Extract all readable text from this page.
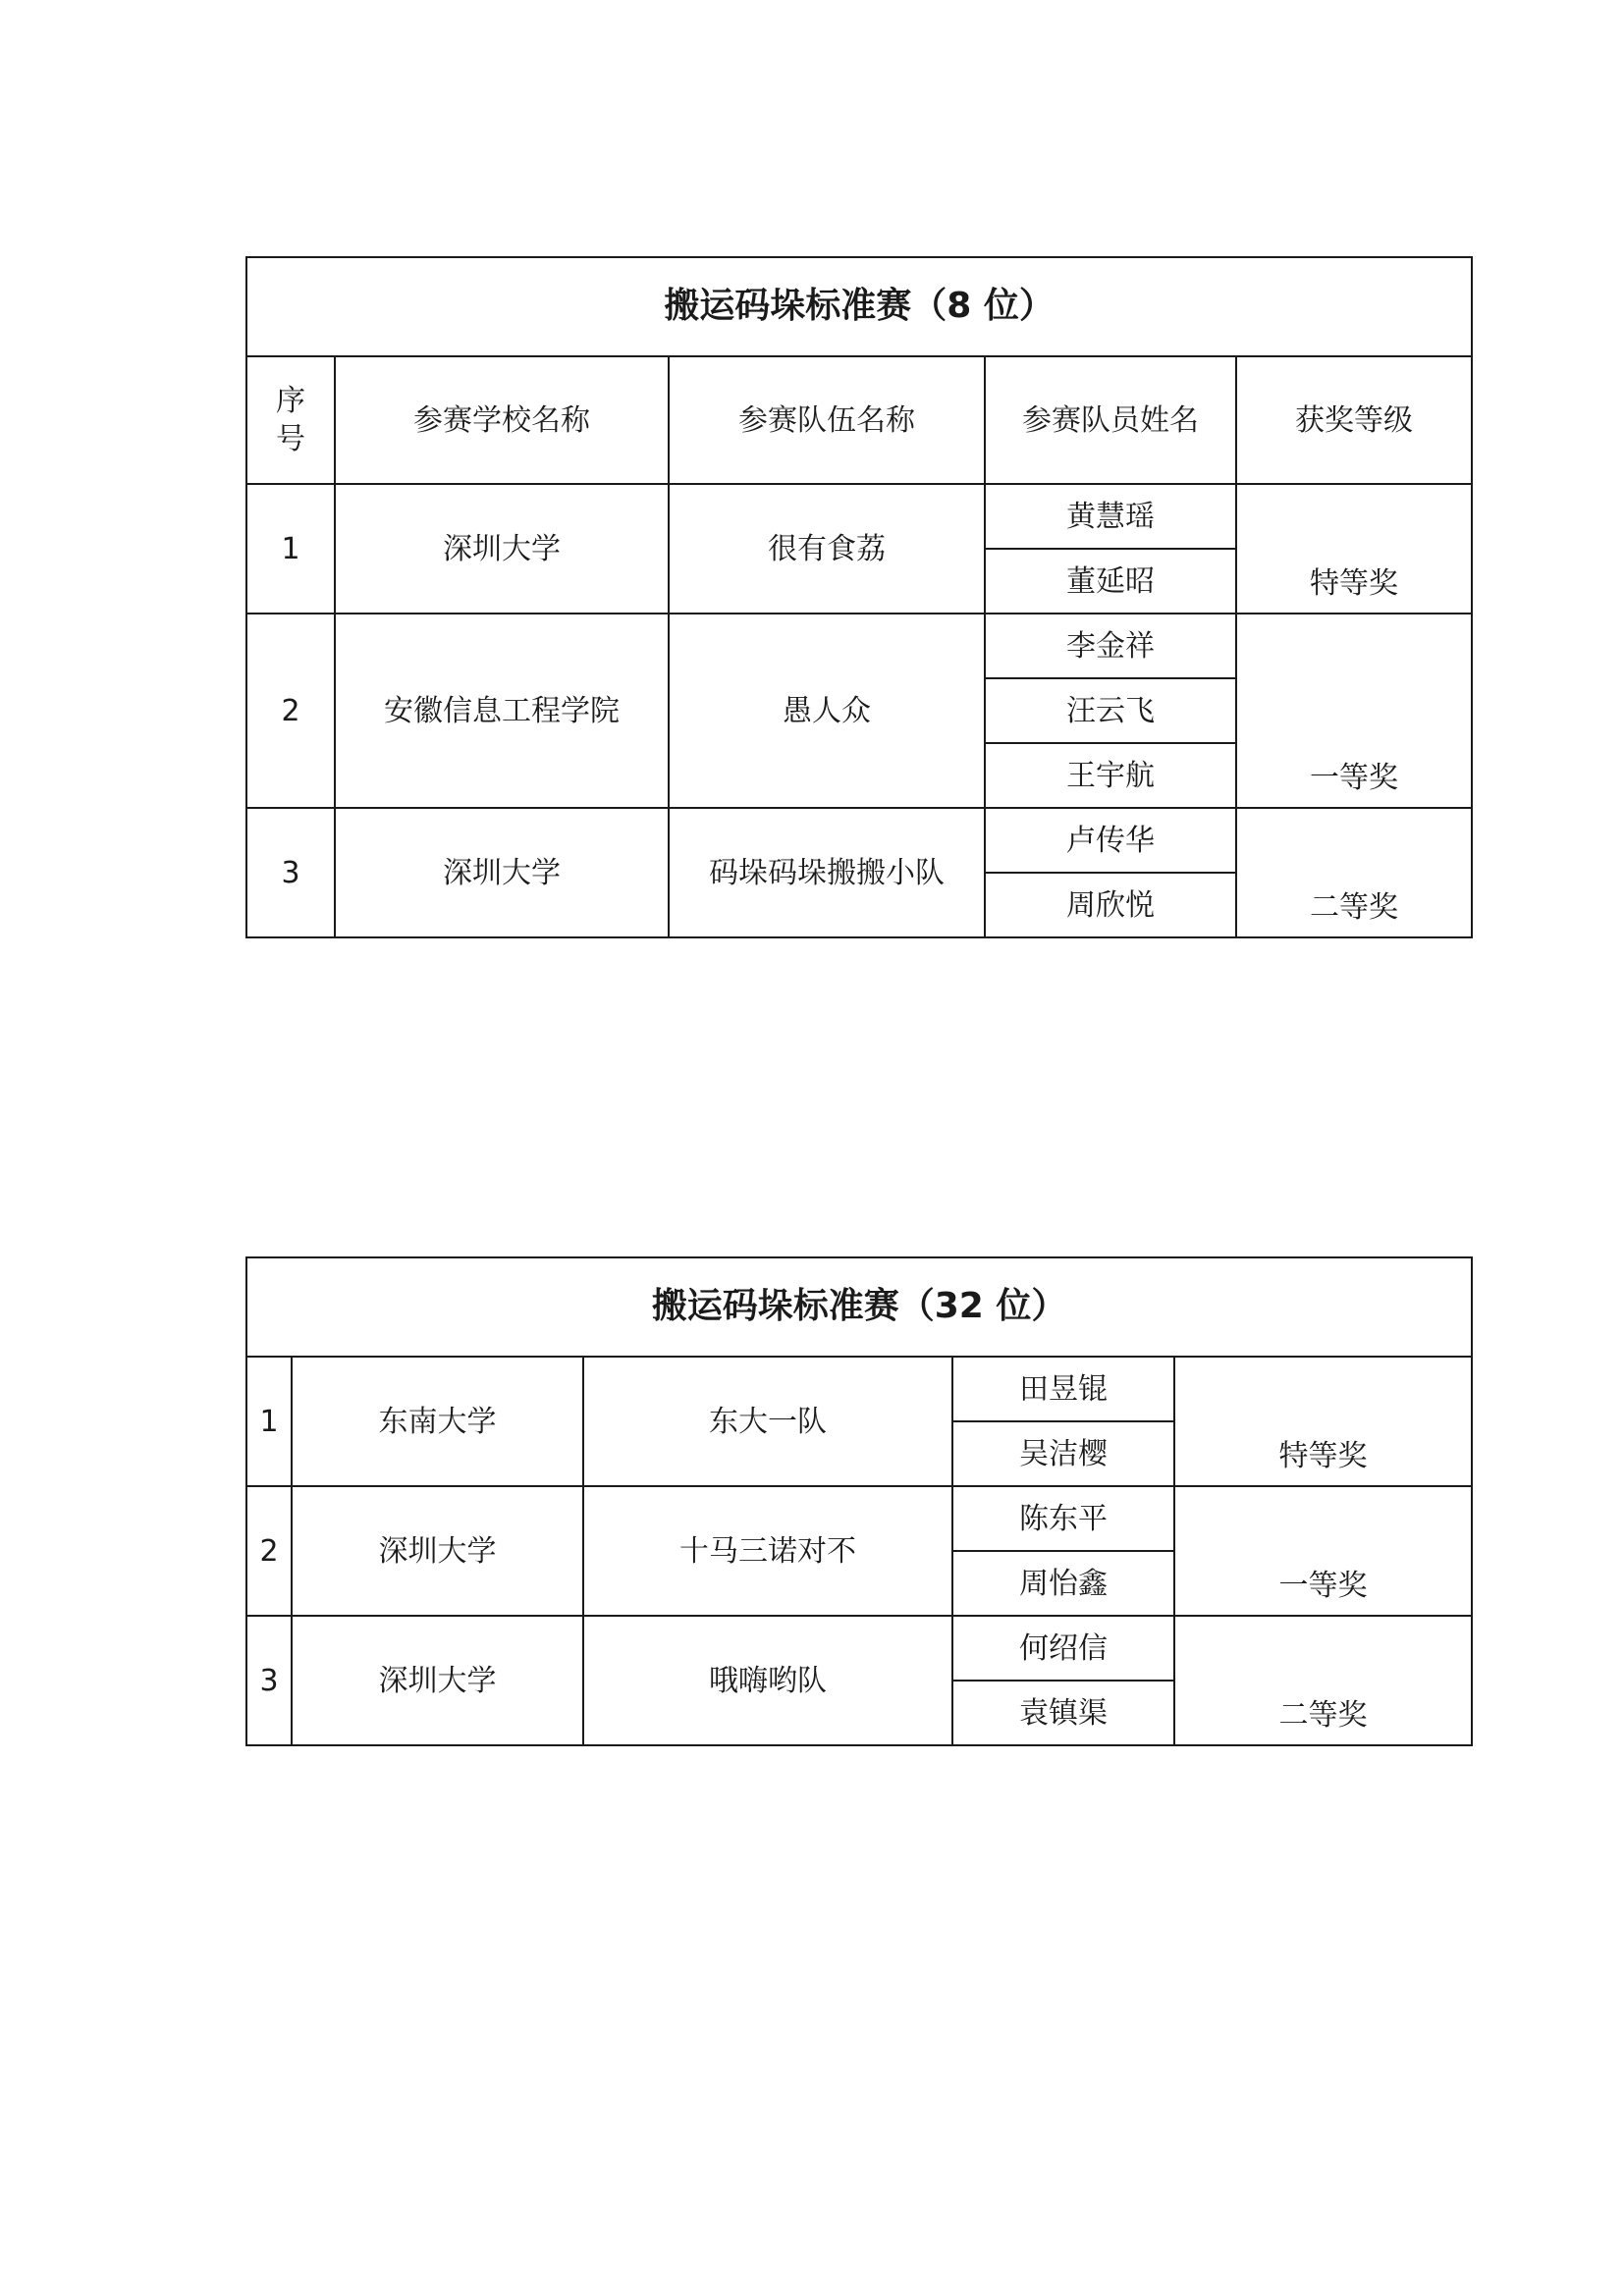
搬运码垛标准赛（8 位）				

序
号	参赛学校名称	参赛队伍名称	参赛队员姓名	获奖等级
1	深圳大学	很有食荔	黄慧瑶	特等奖
			董延昭	
2	安徽信息工程学院	愚人众	李金祥	一等奖
			汪云飞	
			王宇航	
3	深圳大学	码垛码垛搬搬小队	卢传华	二等奖
			周欣悦	
搬运码垛标准赛（32 位）				
1	东南大学	东大一队	田昱锟	特等奖
			吴洁樱	
2	深圳大学	十马三诺对不	陈东平	一等奖
			周怡鑫	
3	深圳大学	哦嗨哟队	何绍信	二等奖
			袁镇渠	
